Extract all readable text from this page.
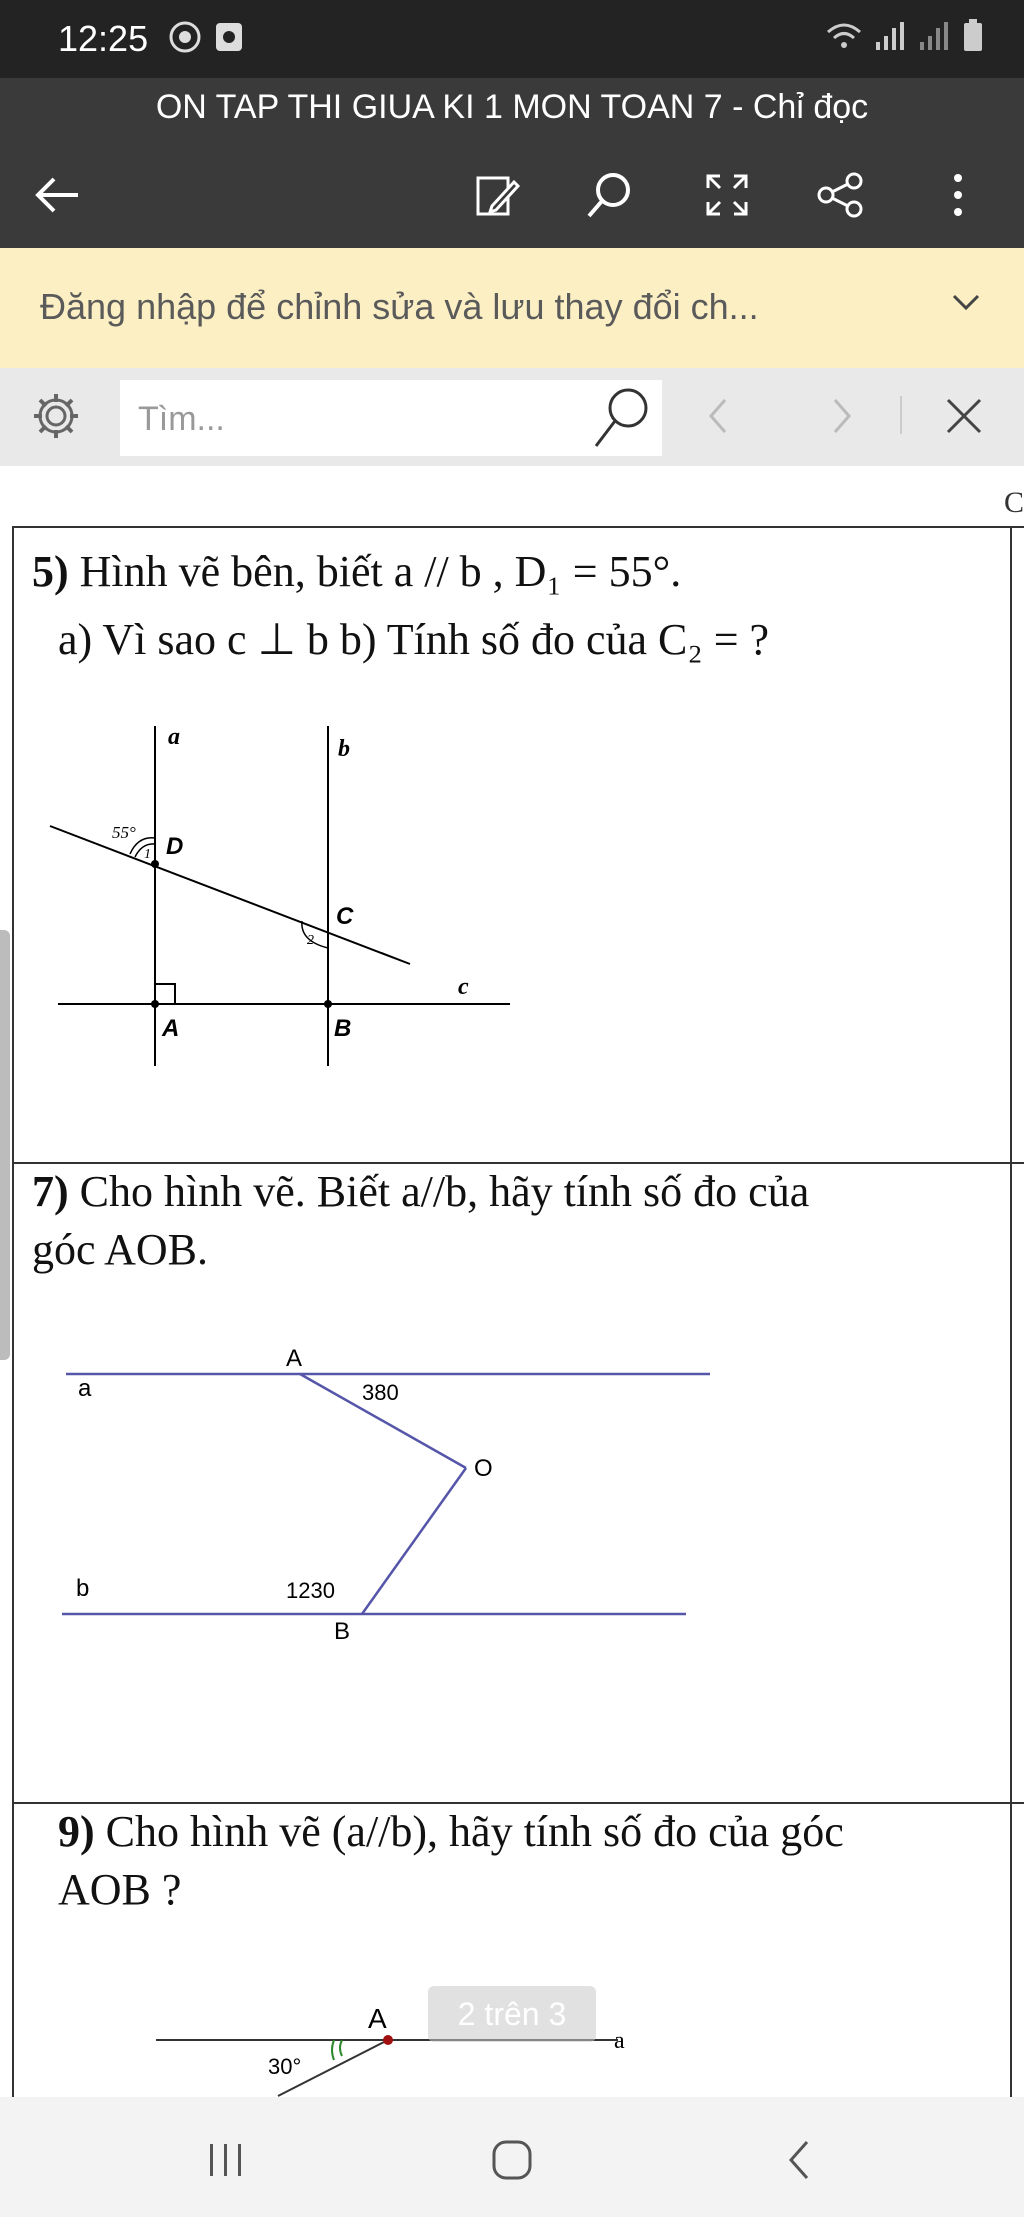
12:25
ON TAP THI GIUA KI 1 MON TOAN 7 - Chỉ đọc
Đăng nhập để chỉnh sửa và lưu thay đổi ch...
Tìm...
C
5) Hình vẽ bên, biết a // b , D₁ = 55°.
a) Vì sao c ⊥ b b) Tính số đo của C₂ = ?
a	b
c
D
C
A	B
55°
1
2
7) Cho hình vẽ. Biết a//b, hãy tính số đo của
góc AOB.
A
O
B
a
b
380
1230
9) Cho hình vẽ (a//b), hãy tính số đo của góc
AOB ?
A
a
30°
2 trên 3
